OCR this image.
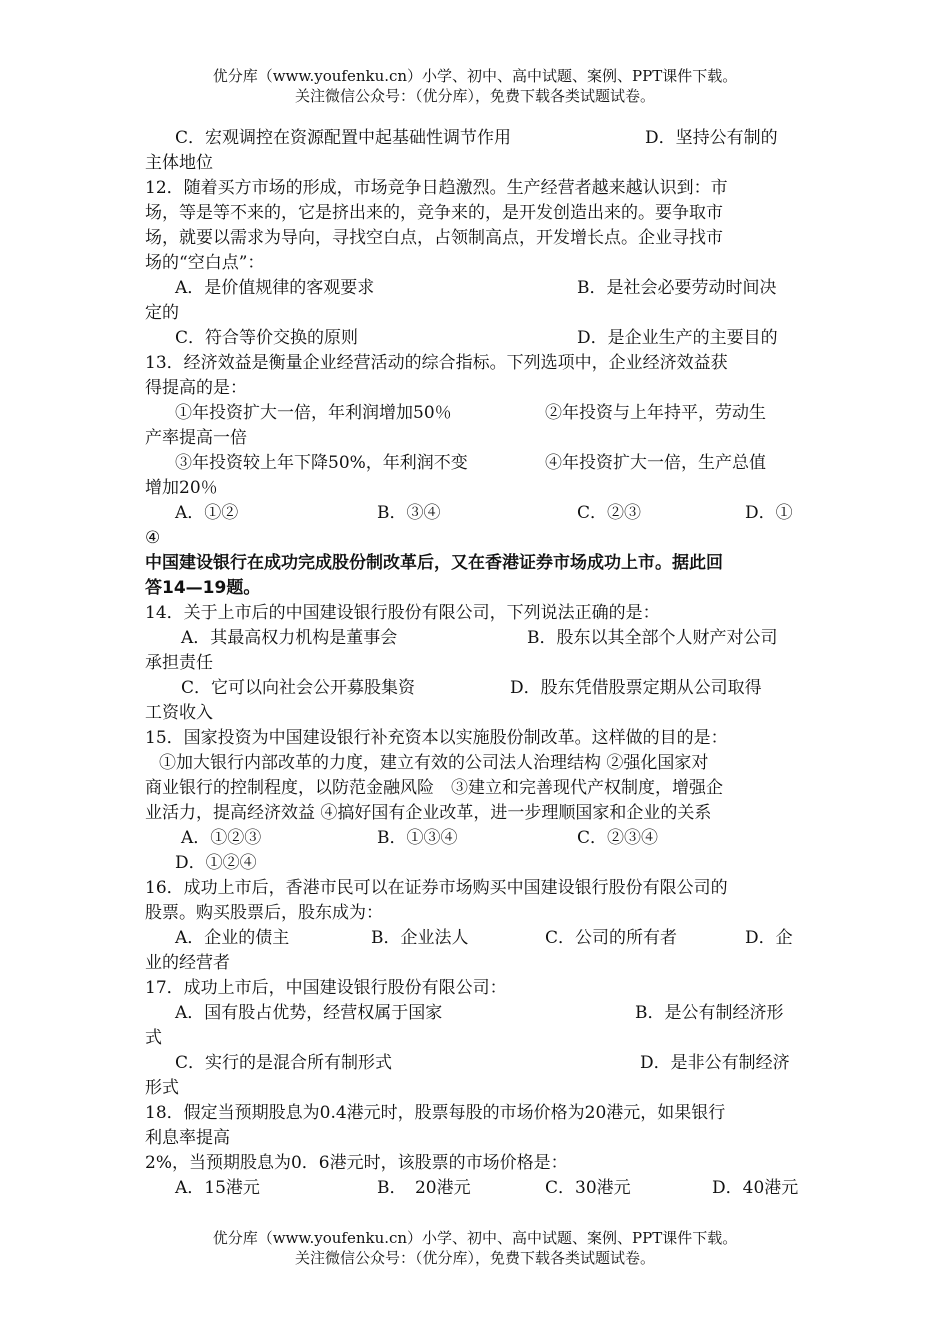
优分库（www.youfenku.cn）小学、初中、高中试题、案例、PPT课件下载。
关注微信公众号：（优分库），免费下载各类试题试卷。
C．宏观调控在资源配置中起基础性调节作用	D．坚持公有制的
主体地位
12．随着买方市场的形成，市场竞争日趋激烈。生产经营者越来越认识到：市
场，等是等不来的，它是挤出来的，竞争来的，是开发创造出来的。要争取市
场，就要以需求为导向，寻找空白点，占领制高点，开发增长点。企业寻找市
场的“空白点”：
A．是价值规律的客观要求	B．是社会必要劳动时间决
定的
C．符合等价交换的原则	D．是企业生产的主要目的
13．经济效益是衡量企业经营活动的综合指标。下列选项中，企业经济效益获
得提高的是：
①年投资扩大一倍，年利润增加50％	②年投资与上年持平，劳动生
产率提高一倍
③年投资较上年下降50%，年利润不变	④年投资扩大一倍，生产总值
增加20％
A．①②	B．③④	C．②③	D．①
④
中国建设银行在成功完成股份制改革后，又在香港证券市场成功上市。据此回
答14—19题。
14．关于上市后的中国建设银行股份有限公司，下列说法正确的是：
A．其最高权力机构是董事会	B．股东以其全部个人财产对公司
承担责任
C．它可以向社会公开募股集资	D．股东凭借股票定期从公司取得
工资收入
15．国家投资为中国建设银行补充资本以实施股份制改革。这样做的目的是：
①加大银行内部改革的力度，建立有效的公司法人治理结构 ②强化国家对
商业银行的控制程度，以防范金融风险　③建立和完善现代产权制度，增强企
业活力，提高经济效益 ④搞好国有企业改革，进一步理顺国家和企业的关系
A．①②③	B．①③④	C．②③④
D．①②④
16．成功上市后，香港市民可以在证券市场购买中国建设银行股份有限公司的
股票。购买股票后，股东成为：
A．企业的债主	B．企业法人	C．公司的所有者	D．企
业的经营者
17．成功上市后，中国建设银行股份有限公司：
A．国有股占优势，经营权属于国家	B．是公有制经济形
式
C．实行的是混合所有制形式	D．是非公有制经济
形式
18．假定当预期股息为0.4港元时，股票每股的市场价格为20港元，如果银行
利息率提高
2%，当预期股息为0．6港元时，该股票的市场价格是：
A．15港元	B．　20港元	C．30港元	D．40港元
优分库（www.youfenku.cn）小学、初中、高中试题、案例、PPT课件下载。
关注微信公众号：（优分库），免费下载各类试题试卷。
